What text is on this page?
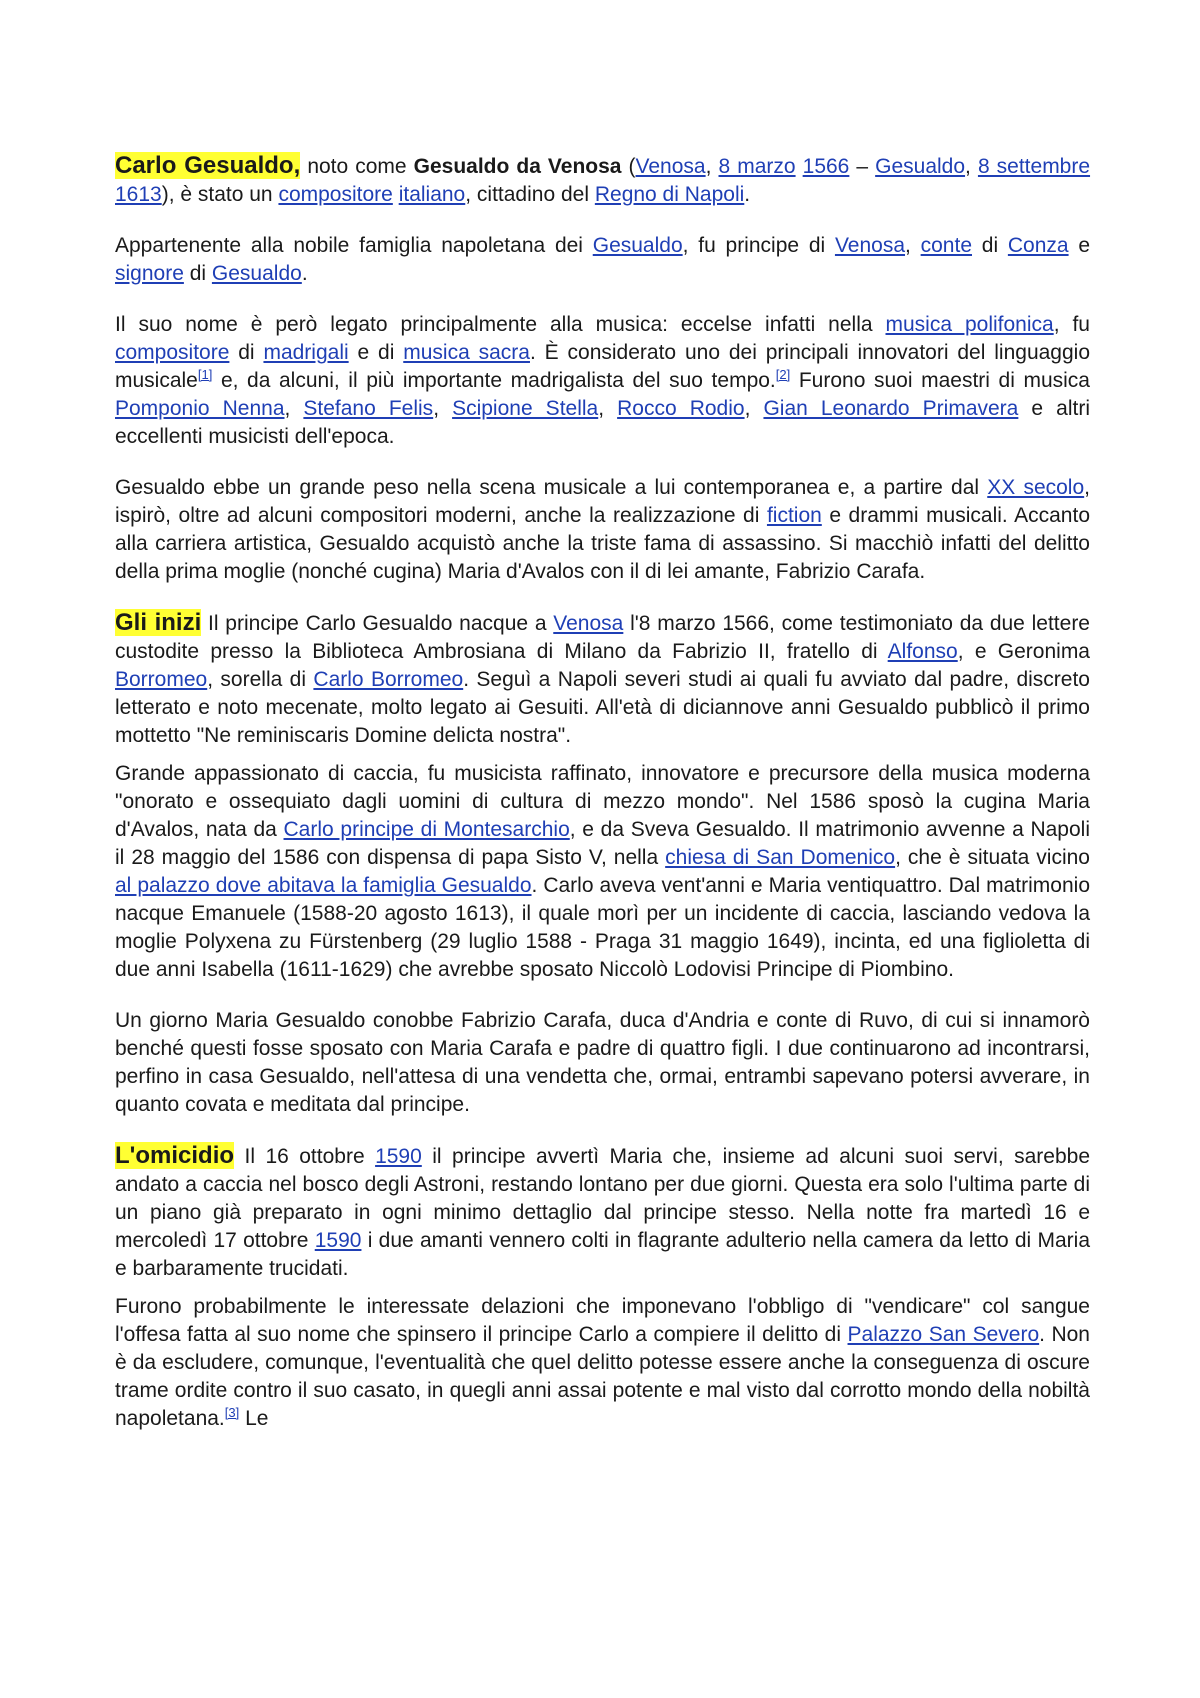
Carlo Gesualdo, noto come Gesualdo da Venosa (Venosa, 8 marzo 1566 – Gesualdo, 8 settembre 1613), è stato un compositore italiano, cittadino del Regno di Napoli.

Appartenente alla nobile famiglia napoletana dei Gesualdo, fu principe di Venosa, conte di Conza e signore di Gesualdo.

Il suo nome è però legato principalmente alla musica: eccelse infatti nella musica polifonica, fu compositore di madrigali e di musica sacra. È considerato uno dei principali innovatori del linguaggio musicale[1] e, da alcuni, il più importante madrigalista del suo tempo.[2] Furono suoi maestri di musica Pomponio Nenna, Stefano Felis, Scipione Stella, Rocco Rodio, Gian Leonardo Primavera e altri eccellenti musicisti dell'epoca.

Gesualdo ebbe un grande peso nella scena musicale a lui contemporanea e, a partire dal XX secolo, ispirò, oltre ad alcuni compositori moderni, anche la realizzazione di fiction e drammi musicali. Accanto alla carriera artistica, Gesualdo acquistò anche la triste fama di assassino. Si macchiò infatti del delitto della prima moglie (nonché cugina) Maria d'Avalos con il di lei amante, Fabrizio Carafa.

Gli inizi Il principe Carlo Gesualdo nacque a Venosa l'8 marzo 1566, come testimoniato da due lettere custodite presso la Biblioteca Ambrosiana di Milano da Fabrizio II, fratello di Alfonso, e Geronima Borromeo, sorella di Carlo Borromeo. Seguì a Napoli severi studi ai quali fu avviato dal padre, discreto letterato e noto mecenate, molto legato ai Gesuiti. All'età di diciannove anni Gesualdo pubblicò il primo mottetto "Ne reminiscaris Domine delicta nostra".

Grande appassionato di caccia, fu musicista raffinato, innovatore e precursore della musica moderna "onorato e ossequiato dagli uomini di cultura di mezzo mondo". Nel 1586 sposò la cugina Maria d'Avalos, nata da Carlo principe di Montesarchio, e da Sveva Gesualdo. Il matrimonio avvenne a Napoli il 28 maggio del 1586 con dispensa di papa Sisto V, nella chiesa di San Domenico, che è situata vicino al palazzo dove abitava la famiglia Gesualdo. Carlo aveva vent'anni e Maria ventiquattro. Dal matrimonio nacque Emanuele (1588-20 agosto 1613), il quale morì per un incidente di caccia, lasciando vedova la moglie Polyxena zu Fürstenberg (29 luglio 1588 - Praga 31 maggio 1649), incinta, ed una figlioletta di due anni Isabella (1611-1629) che avrebbe sposato Niccolò Lodovisi Principe di Piombino.

Un giorno Maria Gesualdo conobbe Fabrizio Carafa, duca d'Andria e conte di Ruvo, di cui si innamorò benché questi fosse sposato con Maria Carafa e padre di quattro figli. I due continuarono ad incontrarsi, perfino in casa Gesualdo, nell'attesa di una vendetta che, ormai, entrambi sapevano potersi avverare, in quanto covata e meditata dal principe.

L'omicidio Il 16 ottobre 1590 il principe avvertì Maria che, insieme ad alcuni suoi servi, sarebbe andato a caccia nel bosco degli Astroni, restando lontano per due giorni. Questa era solo l'ultima parte di un piano già preparato in ogni minimo dettaglio dal principe stesso. Nella notte fra martedì 16 e mercoledì 17 ottobre 1590 i due amanti vennero colti in flagrante adulterio nella camera da letto di Maria e barbaramente trucidati.

Furono probabilmente le interessate delazioni che imponevano l'obbligo di "vendicare" col sangue l'offesa fatta al suo nome che spinsero il principe Carlo a compiere il delitto di Palazzo San Severo. Non è da escludere, comunque, l'eventualità che quel delitto potesse essere anche la conseguenza di oscure trame ordite contro il suo casato, in quegli anni assai potente e mal visto dal corrotto mondo della nobiltà napoletana.[3] Le
